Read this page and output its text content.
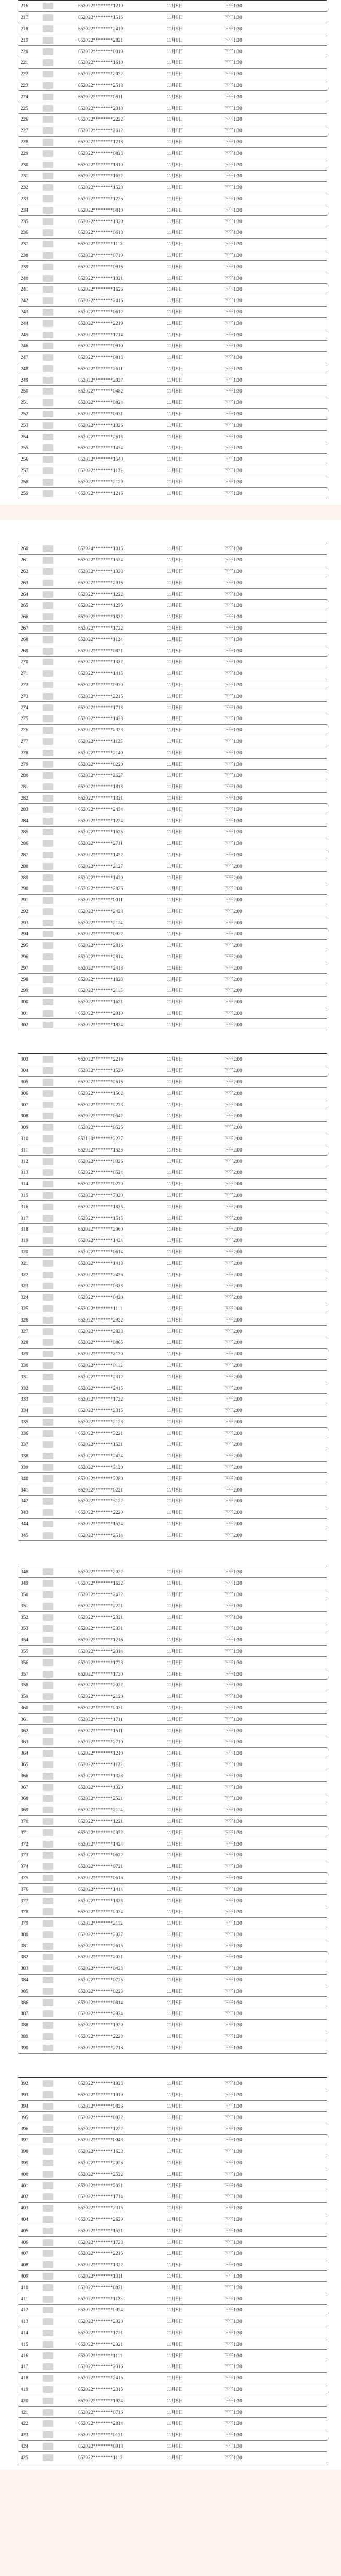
216			652022********1210	11月8日	下午1:30
217			652022********1516	11月8日	下午1:30
218			652022********2419	11月8日	下午1:30
219			652022********2821	11月8日	下午1:30
220			652022********0019	11月8日	下午1:30
221			652022********1610	11月8日	下午1:30
222			652022********2022	11月8日	下午1:30
223			652022********2518	11月8日	下午1:30
224			652022********0811	11月8日	下午1:30
225			652022********2018	11月8日	下午1:30
226			652022********2222	11月8日	下午1:30
227			652022********2612	11月8日	下午1:30
228			652022********1218	11月8日	下午1:30
229			652022********0823	11月8日	下午1:30
230			652022********1310	11月8日	下午1:30
231			652022********1622	11月8日	下午1:30
232			652022********1528	11月8日	下午1:30
233			652022********1226	11月8日	下午1:30
234			652022********0810	11月8日	下午1:30
235			652022********1320	11月8日	下午1:30
236			652022********0618	11月8日	下午1:30
237			652022********1112	11月8日	下午1:30
238			652022********0719	11月8日	下午1:30
239			652022********0916	11月8日	下午1:30
240			652022********1021	11月8日	下午1:30
241			652022********1626	11月8日	下午1:30
242			652022********2416	11月8日	下午1:30
243			652022********0612	11月8日	下午1:30
244			652022********2219	11月8日	下午1:30
245			652022********1714	11月8日	下午1:30
246			652022********0910	11月8日	下午1:30
247			652022********0813	11月8日	下午1:30
248			652022********2611	11月8日	下午1:30
249			652022********2027	11月8日	下午1:30
250			652022********0482	11月8日	下午1:30
251			652022********0824	11月8日	下午1:30
252			652022********0931	11月8日	下午1:30
253			652022********1326	11月8日	下午1:30
254			652022********2613	11月8日	下午1:30
255			652022********1424	11月8日	下午1:30
256			652022********1540	11月8日	下午1:30
257			652022********1122	11月8日	下午1:30
258			652022********2129	11月8日	下午1:30
259			652022********1216	11月8日	下午1:30
260			652024********1016	11月8日	下午1:30
261			652022********1524	11月8日	下午1:30
262			652022********1328	11月8日	下午1:30
263			652022********2916	11月8日	下午1:30
264			652022********1222	11月8日	下午1:30
265			652022********1235	11月8日	下午1:30
266			652022********1832	11月8日	下午1:30
267			652022********1722	11月8日	下午1:30
268			652022********1124	11月8日	下午1:30
269			652022********0821	11月8日	下午1:30
270			652022********1322	11月8日	下午1:30
271			652022********1415	11月8日	下午1:30
272			652022********0920	11月8日	下午1:30
273			652022********2215	11月8日	下午1:30
274			652022********1713	11月8日	下午1:30
275			652022********1428	11月8日	下午1:30
276			652022********2323	11月8日	下午1:30
277			652022********1125	11月8日	下午1:30
278			652022********2140	11月8日	下午1:30
279			652022********0220	11月8日	下午1:30
280			652022********2627	11月8日	下午1:30
281			652022********1813	11月8日	下午1:30
282			652022********1321	11月8日	下午1:30
283			652022********2434	11月8日	下午1:30
284			652022********1224	11月8日	下午1:30
285			652022********1625	11月8日	下午1:30
286			652022********2711	11月8日	下午1:30
287			652022********1422	11月8日	下午1:30
288			652022********2127	11月8日	下午2:00
289			652022********1420	11月8日	下午2:00
290			652022********2826	11月8日	下午2:00
291			652022********0011	11月8日	下午2:00
292			652022********2428	11月8日	下午2:00
293			652022********2114	11月8日	下午2:00
294			652022********0922	11月8日	下午2:00
295			652022********2816	11月8日	下午2:00
296			652022********2814	11月8日	下午2:00
297			652022********2418	11月8日	下午2:00
298			652022********1823	11月8日	下午2:00
299			652022********2115	11月8日	下午2:00
300			652022********1621	11月8日	下午2:00
301			652022********2010	11月8日	下午2:00
302			652022********1834	11月8日	下午2:00
303			652022********2215	11月8日	下午2:00
304			652022********1529	11月8日	下午2:00
305			652022********2516	11月8日	下午2:00
306			652022********1502	11月8日	下午2:00
307			652022********2223	11月8日	下午2:00
308			652022********0542	11月8日	下午2:00
309			652022********0525	11月8日	下午2:00
310			652120********2237	11月8日	下午2:00
311			652022********1525	11月8日	下午2:00
312			652022********0326	11月8日	下午2:00
313			652022********0524	11月8日	下午2:00
314			652022********0220	11月8日	下午2:00
315			652022********7020	11月8日	下午2:00
316			652022********1825	11月8日	下午2:00
317			652022********1515	11月8日	下午2:00
318			652022********2060	11月8日	下午2:00
319			652022********1424	11月8日	下午2:00
320			652022********0614	11月8日	下午2:00
321			652022********1418	11月8日	下午2:00
322			652022********2426	11月8日	下午2:00
323			652022********0323	11月8日	下午2:00
324			652022********0420	11月8日	下午2:00
325			652022********1111	11月8日	下午2:00
326			652022********2922	11月8日	下午2:00
327			652022********2823	11月8日	下午2:00
328			652022********0865	11月8日	下午2:00
329			652022********2120	11月8日	下午2:00
330			652022********0112	11月8日	下午2:00
331			652022********2312	11月8日	下午2:00
332			652022********2415	11月8日	下午2:00
333			652022********1722	11月8日	下午2:00
334			652022********2315	11月8日	下午2:00
335			652022********2123	11月8日	下午2:00
336			652022********3221	11月8日	下午2:00
337			652022********1521	11月8日	下午2:00
338			652022********2424	11月8日	下午2:00
339			652022********3120	11月8日	下午2:00
340			652022********2280	11月8日	下午2:00
341			652022********0221	11月8日	下午2:00
342			652022********3122	11月8日	下午2:00
343			652022********2220	11月8日	下午2:00
344			652022********1524	11月8日	下午2:00
345			652022********2514	11月8日	下午2:00

348			652022********2022	11月8日	下午1:30
349			652022********1622	11月8日	下午1:30
350			652022********2422	11月8日	下午1:30
351			652022********2221	11月8日	下午1:30
352			652022********2321	11月8日	下午1:30
353			652022********2031	11月8日	下午1:30
354			652022********1216	11月8日	下午1:30
355			652022********2314	11月8日	下午1:30
356			652022********1728	11月8日	下午1:30
357			652022********1720	11月8日	下午1:30
358			652022********2022	11月8日	下午1:30
359			652022********2120	11月8日	下午1:30
360			652022********2021	11月8日	下午1:30
361			652022********1711	11月8日	下午1:30
362			652022********1511	11月8日	下午1:30
363			652022********2710	11月8日	下午1:30
364			652022********1210	11月8日	下午1:30
365			652022********1122	11月8日	下午1:30
366			652022********1328	11月8日	下午1:30
367			652022********1320	11月8日	下午1:30
368			652022********2521	11月8日	下午1:30
369			652022********2114	11月8日	下午1:30
370			652022********1221	11月8日	下午1:30
371			652022********2932	11月8日	下午1:30
372			652022********1424	11月8日	下午1:30
373			652022********0622	11月8日	下午1:30
374			652022********0721	11月8日	下午1:30
375			652022********0616	11月8日	下午1:30
376			652022********1414	11月8日	下午1:30
377			652022********1823	11月8日	下午1:30
378			652022********2024	11月8日	下午1:30
379			652022********2112	11月8日	下午1:30
380			652022********2027	11月8日	下午1:30
381			652022********2615	11月8日	下午1:30
382			652022********2021	11月8日	下午1:30
383			652022********0423	11月8日	下午1:30
384			652022********0725	11月8日	下午1:30
385			652022********0223	11月8日	下午1:30
386			652022********0814	11月8日	下午1:30
387			652022********2924	11月8日	下午1:30
388			652022********1920	11月8日	下午1:30
389			652022********2223	11月8日	下午1:30
390			652022********2716	11月8日	下午1:30

392			652022********1923	11月8日	下午1:30
393			652022********1919	11月8日	下午1:30
394			652022********0826	11月8日	下午1:30
395			652022********0022	11月8日	下午1:30
396			652022********1222	11月8日	下午1:30
397			652022********0043	11月8日	下午1:30
398			652022********1628	11月8日	下午1:30
399			652022********2026	11月8日	下午1:30
400			652022********2522	11月8日	下午1:30
401			652022********2021	11月8日	下午1:30
402			652022********1714	11月8日	下午1:30
403			652022********2315	11月8日	下午1:30
404			652022********2629	11月8日	下午1:30
405			652022********1521	11月8日	下午1:30
406			652022********1723	11月8日	下午1:30
407			652022********2216	11月8日	下午1:30
408			652022********1322	11月8日	下午1:30
409			652022********1311	11月8日	下午1:30
410			652022********0821	11月8日	下午1:30
411			652022********1123	11月8日	下午1:30
412			652022********0924	11月8日	下午1:30
413			652022********2020	11月8日	下午1:30
414			652022********1721	11月8日	下午1:30
415			652022********2321	11月8日	下午1:30
416			652022********1111	11月8日	下午1:30
417			652022********2316	11月8日	下午1:30
418			652022********2415	11月8日	下午1:30
419			652022********2315	11月8日	下午1:30
420			652022********1924	11月8日	下午1:30
421			652022********0716	11月8日	下午1:30
422			652022********2814	11月8日	下午1:30
423			652022********0121	11月8日	下午1:30
424			652022********0918	11月8日	下午1:30
425			652022********1112	11月8日	下午1:30
